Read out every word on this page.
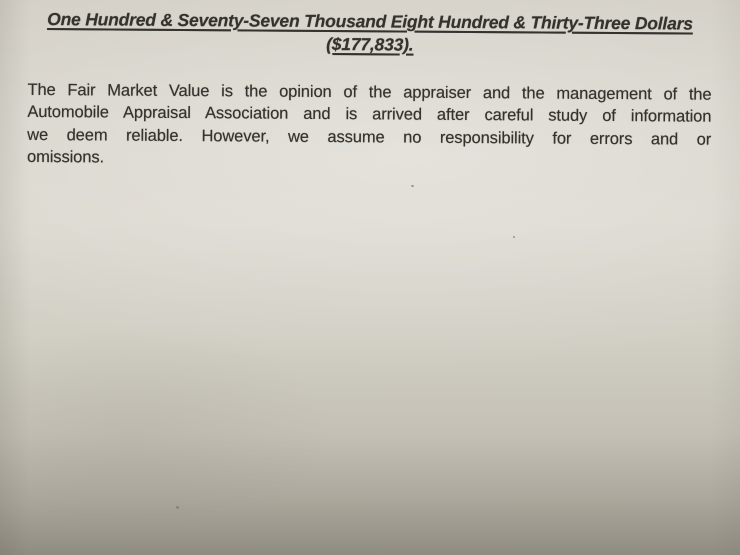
One Hundred & Seventy-Seven Thousand Eight Hundred & Thirty-Three Dollars
($177,833).
The Fair Market Value is the opinion of the appraiser and the management of the
Automobile Appraisal Association and is arrived after careful study of information
we deem reliable. However, we assume no responsibility for errors and or
omissions.
